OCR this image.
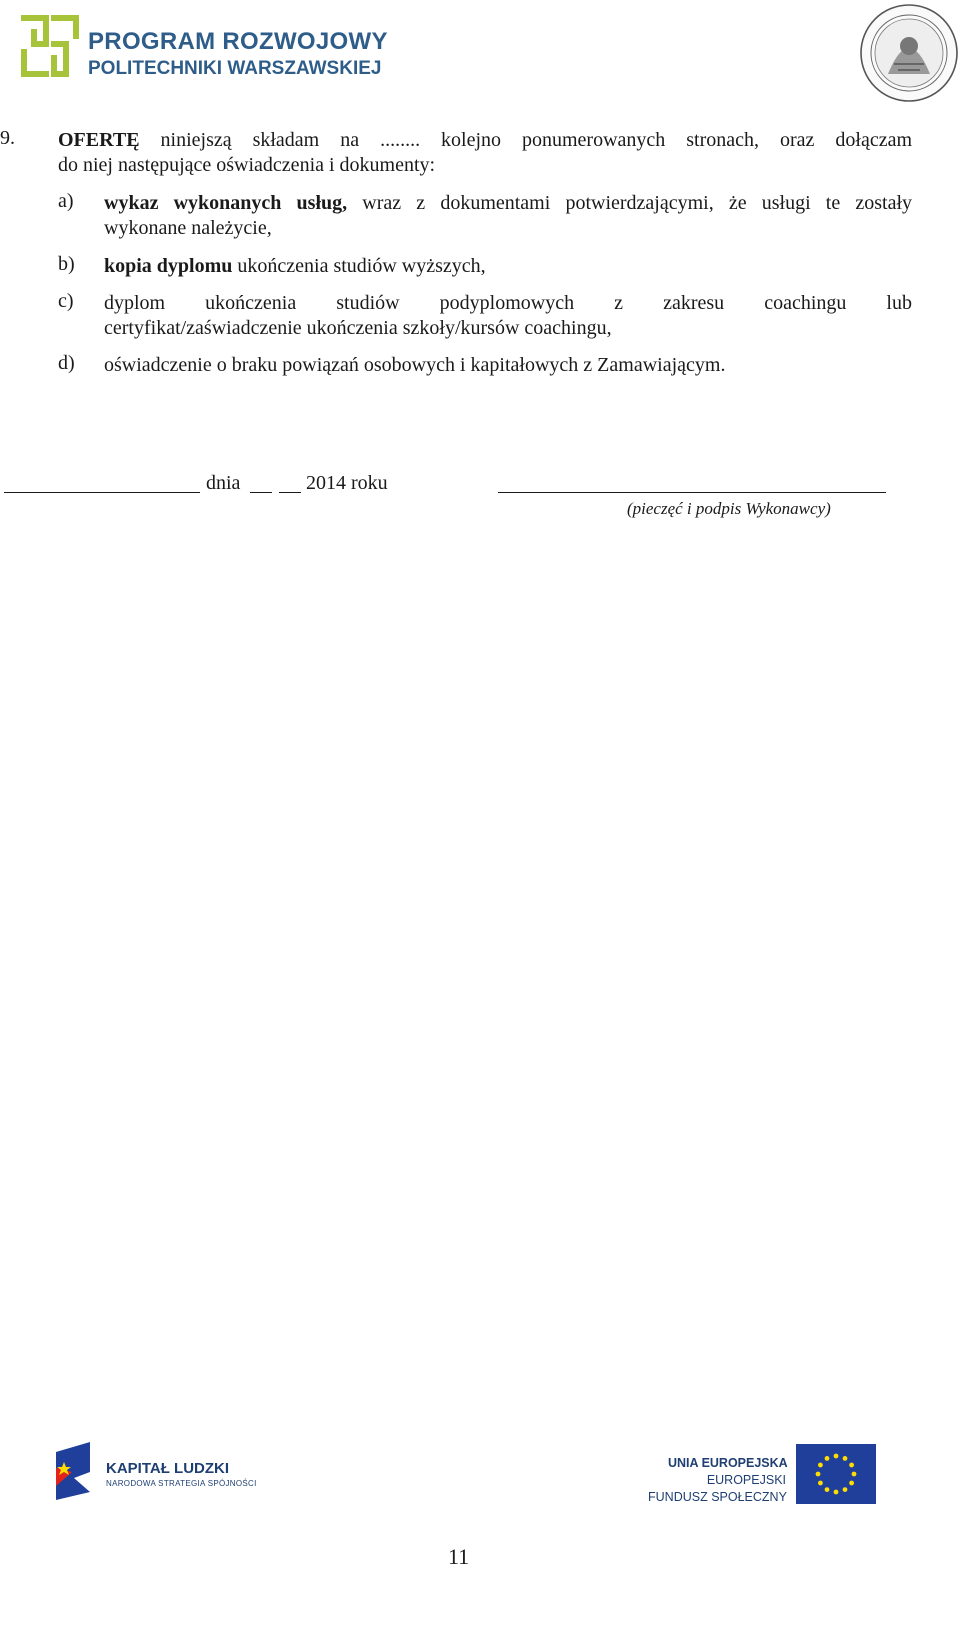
PROGRAM ROZWOJOWY
POLITECHNIKI WARSZAWSKIEJ
9. OFERTĘ niniejszą składam na ........ kolejno ponumerowanych stronach, oraz dołączam
do niej następujące oświadczenia i dokumenty:
a) wykaz wykonanych usług, wraz z dokumentami potwierdzającymi, że usługi te zostały
wykonane należycie,
b) kopia dyplomu ukończenia studiów wyższych,
c) dyplom ukończenia studiów podyplomowych z zakresu coachingu lub
certyfikat/zaświadczenie ukończenia szkoły/kursów coachingu,
d) oświadczenie o braku powiązań osobowych i kapitałowych z Zamawiającym.
dnia	2014 roku
(pieczęć i podpis Wykonawcy)
KAPITAŁ LUDZKI
NARODOWA STRATEGIA SPÓJNOŚCI
UNIA EUROPEJSKA
EUROPEJSKI
FUNDUSZ SPOŁECZNY
11
